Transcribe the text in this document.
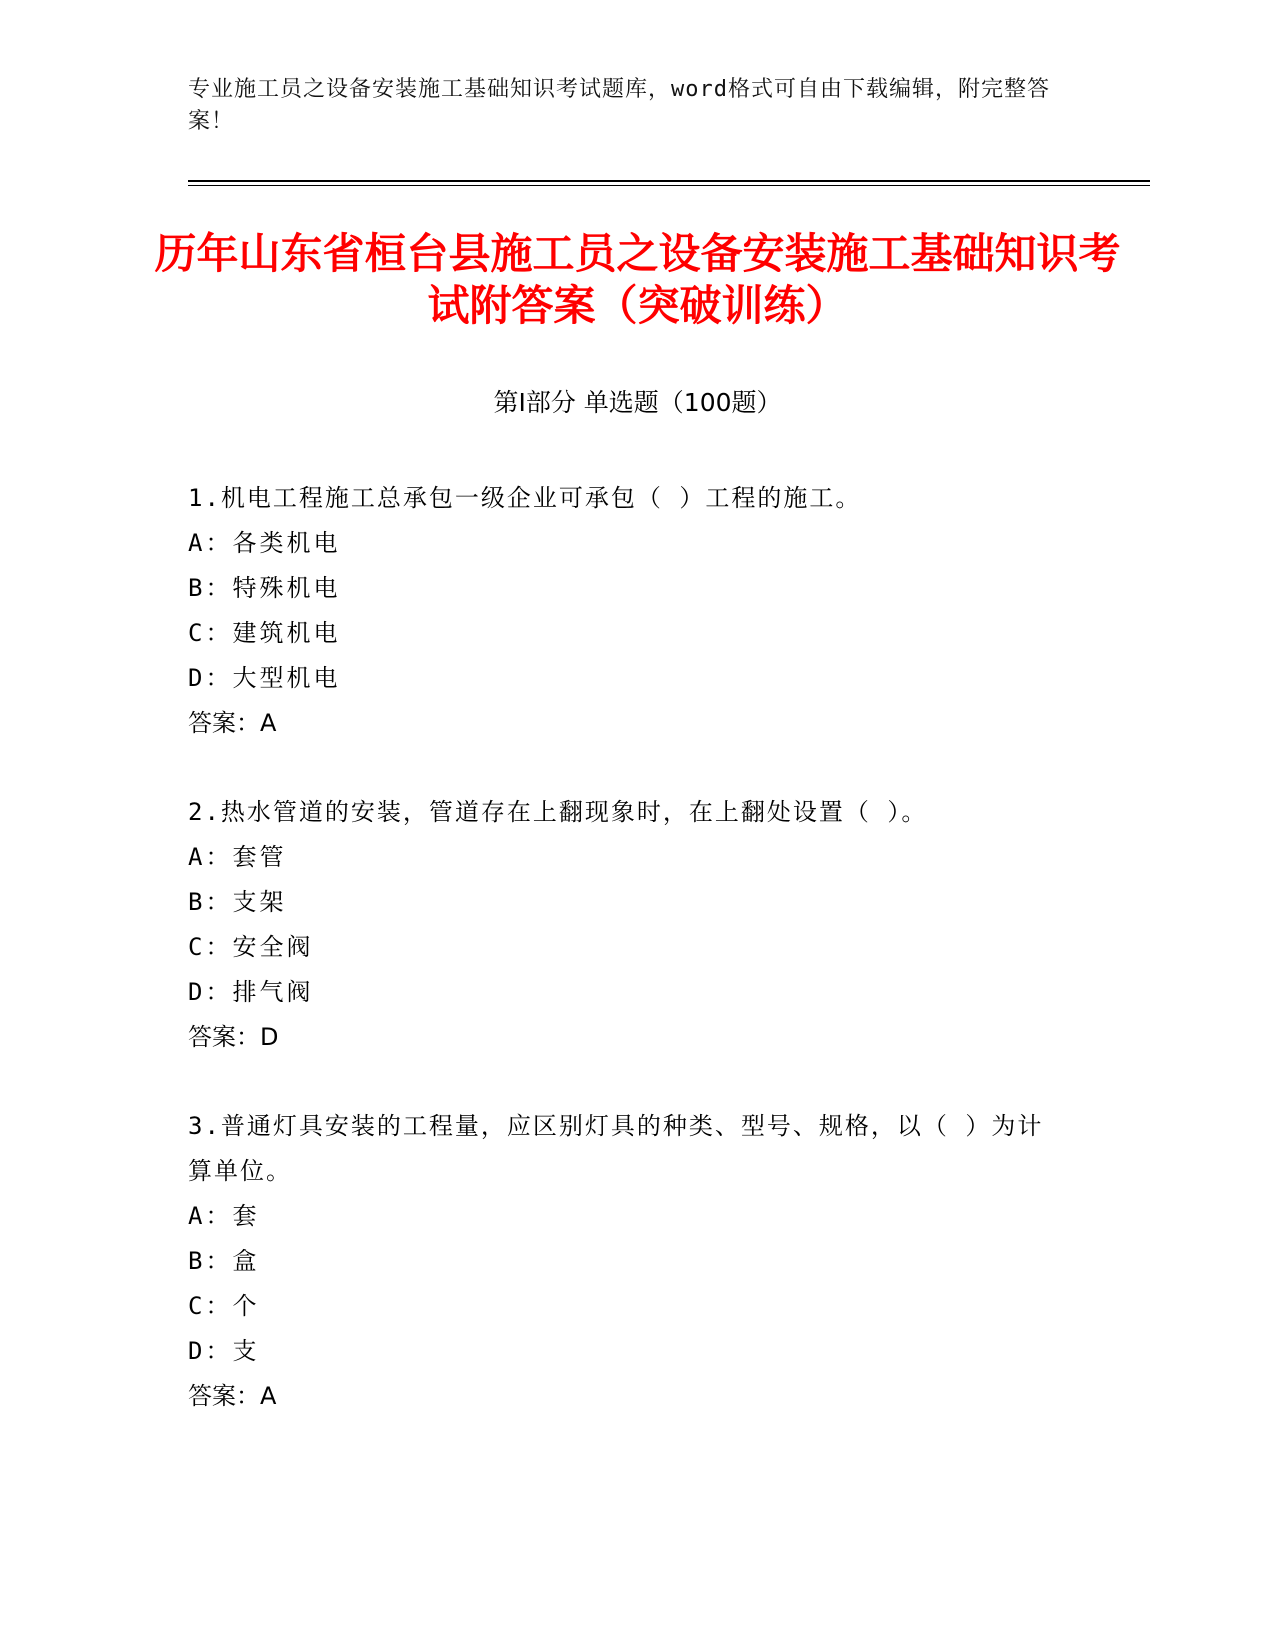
专业施工员之设备安装施工基础知识考试题库，word格式可自由下载编辑，附完整答案！
历年山东省桓台县施工员之设备安装施工基础知识考试附答案（突破训练）
第Ⅰ部分 单选题（100题）
1.机电工程施工总承包一级企业可承包（ ）工程的施工。
A：各类机电
B：特殊机电
C：建筑机电
D：大型机电
答案：A
2.热水管道的安装，管道存在上翻现象时，在上翻处设置（ ）。
A：套管
B：支架
C：安全阀
D：排气阀
答案：D
3.普通灯具安装的工程量，应区别灯具的种类、型号、规格，以（ ）为计算单位。
A：套
B：盒
C：个
D：支
答案：A
